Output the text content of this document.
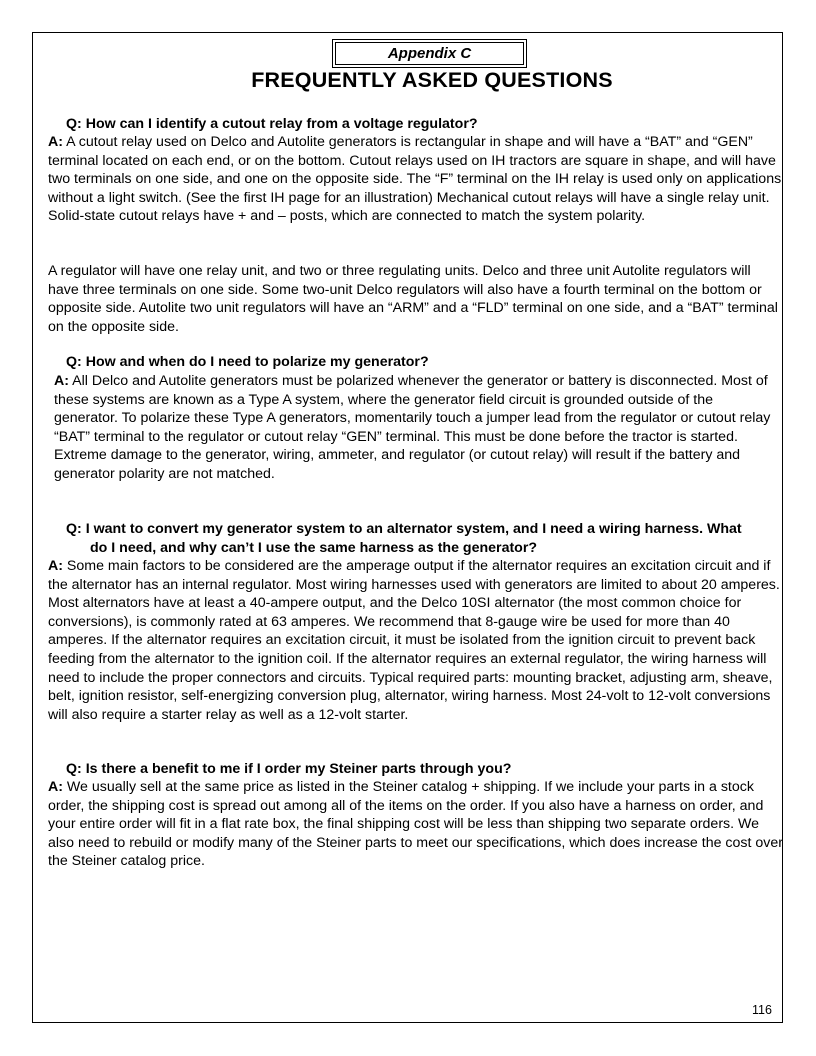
Appendix C
FREQUENTLY ASKED QUESTIONS
Q: How can I identify a cutout relay from a voltage regulator?
A: A cutout relay used on Delco and Autolite generators is rectangular in shape and will have a “BAT” and “GEN” terminal located on each end, or on the bottom. Cutout relays used on IH tractors are square in shape, and will have two terminals on one side, and one on the opposite side. The “F” terminal on the IH relay is used only on applications without a light switch. (See the first IH page for an illustration) Mechanical cutout relays will have a single relay unit. Solid-state cutout relays have + and – posts, which are connected to match the system polarity.
A regulator will have one relay unit, and two or three regulating units. Delco and three unit Autolite regulators will have three terminals on one side. Some two-unit Delco regulators will also have a fourth terminal on the bottom or opposite side. Autolite two unit regulators will have an “ARM” and a “FLD” terminal on one side, and a “BAT” terminal on the opposite side.
Q: How and when do I need to polarize my generator?
A: All Delco and Autolite generators must be polarized whenever the generator or battery is disconnected. Most of these systems are known as a Type A system, where the generator field circuit is grounded outside of the generator. To polarize these Type A generators, momentarily touch a jumper lead from the regulator or cutout relay “BAT” terminal to the regulator or cutout relay “GEN” terminal. This must be done before the tractor is started. Extreme damage to the generator, wiring, ammeter, and regulator (or cutout relay) will result if the battery and generator polarity are not matched.
Q: I want to convert my generator system to an alternator system, and I need a wiring harness. What do I need, and why can’t I use the same harness as the generator?
A: Some main factors to be considered are the amperage output if the alternator requires an excitation circuit and if the alternator has an internal regulator. Most wiring harnesses used with generators are limited to about 20 amperes. Most alternators have at least a 40-ampere output, and the Delco 10SI alternator (the most common choice for conversions), is commonly rated at 63 amperes. We recommend that 8-gauge wire be used for more than 40 amperes. If the alternator requires an excitation circuit, it must be isolated from the ignition circuit to prevent back feeding from the alternator to the ignition coil. If the alternator requires an external regulator, the wiring harness will need to include the proper connectors and circuits. Typical required parts: mounting bracket, adjusting arm, sheave, belt, ignition resistor, self-energizing conversion plug, alternator, wiring harness. Most 24-volt to 12-volt conversions will also require a starter relay as well as a 12-volt starter.
Q: Is there a benefit to me if I order my Steiner parts through you?
A: We usually sell at the same price as listed in the Steiner catalog + shipping. If we include your parts in a stock order, the shipping cost is spread out among all of the items on the order. If you also have a harness on order, and your entire order will fit in a flat rate box, the final shipping cost will be less than shipping two separate orders. We also need to rebuild or modify many of the Steiner parts to meet our specifications, which does increase the cost over the Steiner catalog price.
116
